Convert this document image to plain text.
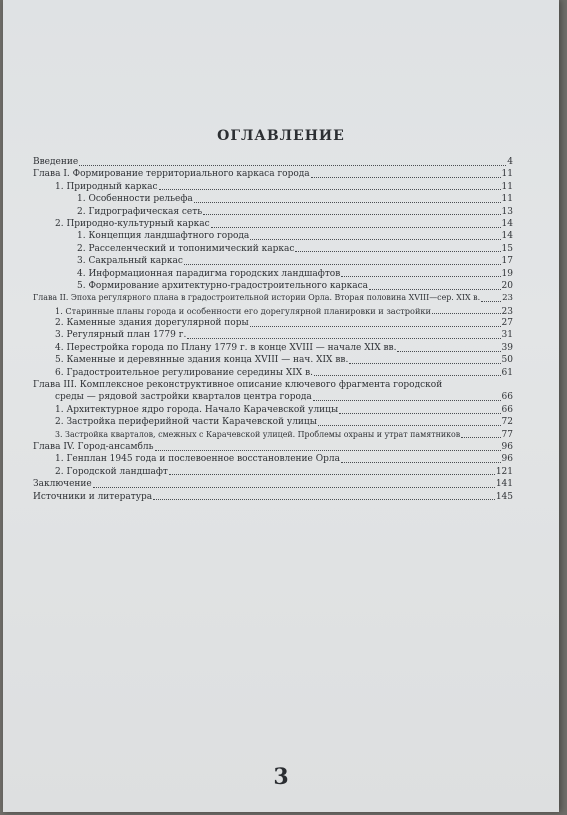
ОГЛАВЛЕНИЕ
Введение	4
Глава I. Формирование территориального каркаса города	11
1. Природный каркас	11
1. Особенности рельефа	11
2. Гидрографическая сеть	13
2. Природно-культурный каркас	14
1. Концепция ландшафтного города	14
2. Расселенческий и топонимический каркас	15
3. Сакральный каркас	17
4. Информационная парадигма городских ландшафтов	19
5. Формирование архитектурно-градостроительного каркаса	20
Глава II. Эпоха регулярного плана в градостроительной истории Орла. Вторая половина XVIII—сер. XIX в.	23
1. Старинные планы города и особенности его дорегулярной планировки и застройки	23
2. Каменные здания дорегулярной поры	27
3. Регулярный план 1779 г.	31
4. Перестройка города по Плану 1779 г. в конце XVIII — начале XIX вв.	39
5. Каменные и деревянные здания конца XVIII — нач. XIX вв.	50
6. Градостроительное регулирование середины XIX в.	61
Глава III. Комплексное реконструктивное описание ключевого фрагмента городской
среды — рядовой застройки кварталов центра города	66
1. Архитектурное ядро города. Начало Карачевской улицы	66
2. Застройка периферийной части Карачевской улицы	72
3. Застройка кварталов, смежных с Карачевской улицей. Проблемы охраны и утрат памятников	77
Глава IV. Город-ансамбль	96
1. Генплан 1945 года и послевоенное восстановление Орла	96
2. Городской ландшафт	121
Заключение	141
Источники и литература	145
3
